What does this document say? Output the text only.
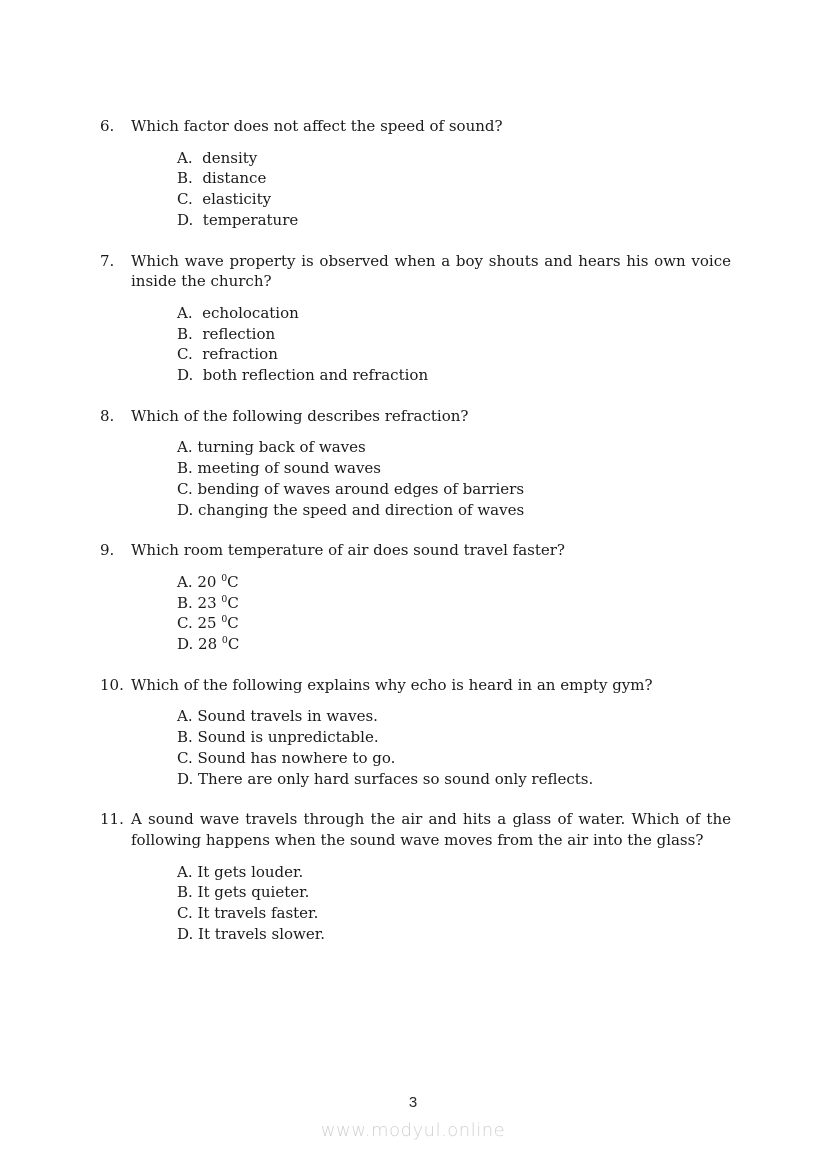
6.	Which factor does not affect the speed of sound?
A.  density
B.  distance
C.  elasticity
D.  temperature
7.	Which wave property is observed when a boy shouts and hears his own voice
inside the church?
A.  echolocation
B.  reflection
C.  refraction
D.  both reflection and refraction
8.	Which of the following describes refraction?
A. turning back of waves
B. meeting of sound waves
C. bending of waves around edges of barriers
D. changing the speed and direction of waves
9.	Which room temperature of air does sound travel faster?
A. 20 $^0$C
B. 23 $^0$C
C. 25 $^0$C
D. 28 $^0$C
10. Which of the following explains why echo is heard in an empty gym?
A. Sound travels in waves.
B. Sound is unpredictable.
C. Sound has nowhere to go.
D. There are only hard surfaces so sound only reflects.
11. A sound wave travels through the air and hits a glass of water. Which of the
following happens when the sound wave moves from the air into the glass?
A. It gets louder.
B. It gets quieter.
C. It travels faster.
D. It travels slower.
3
www.modyul.online
